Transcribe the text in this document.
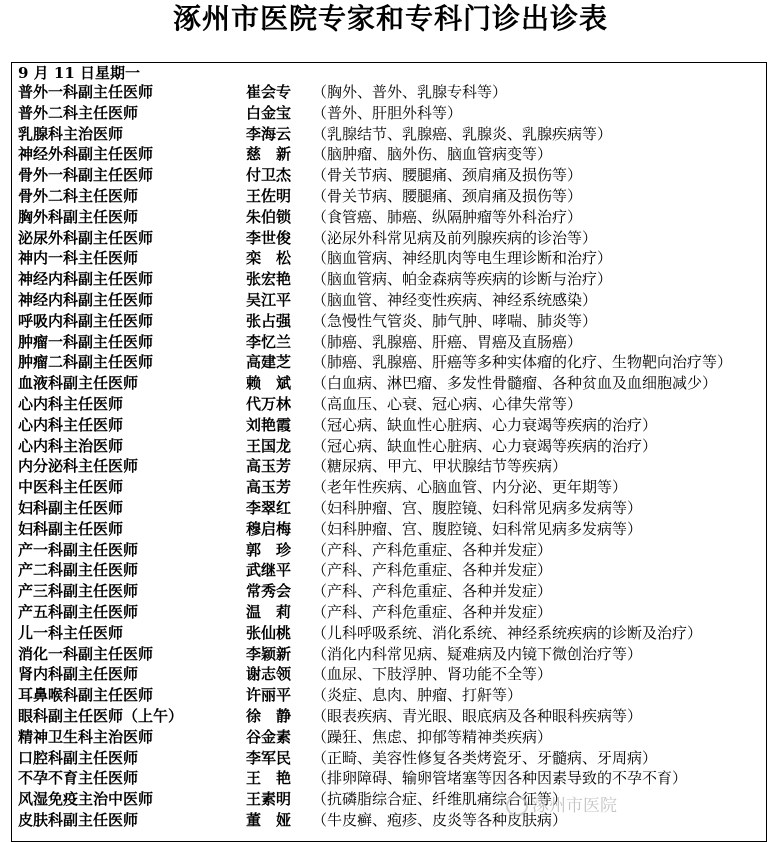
涿州市医院专家和专科门诊出诊表
9 月 11 日星期一
普外一科副主任医师	崔会专 （胸外、普外、乳腺专科等）
普外二科主任医师	白金宝 （普外、肝胆外科等）
乳腺科主治医师	李海云 （乳腺结节、乳腺癌、乳腺炎、乳腺疾病等）
神经外科副主任医师	慈　新 （脑肿瘤、脑外伤、脑血管病变等）
骨外一科副主任医师	付卫杰 （骨关节病、腰腿痛、颈肩痛及损伤等）
骨外二科主任医师	王佐明 （骨关节病、腰腿痛、颈肩痛及损伤等）
胸外科副主任医师	朱伯锁 （食管癌、肺癌、纵隔肿瘤等外科治疗）
泌尿外科副主任医师	李世俊 （泌尿外科常见病及前列腺疾病的诊治等）
神内一科主任医师	栾　松 （脑血管病、神经肌肉等电生理诊断和治疗）
神经内科副主任医师	张宏艳 （脑血管病、帕金森病等疾病的诊断与治疗）
神经内科副主任医师	吴江平 （脑血管、神经变性疾病、神经系统感染）
呼吸内科副主任医师	张占强 （急慢性气管炎、肺气肿、哮喘、肺炎等）
肿瘤一科副主任医师	李忆兰 （肺癌、乳腺癌、肝癌、胃癌及直肠癌）
肿瘤二科副主任医师	高建芝 （肺癌、乳腺癌、肝癌等多种实体瘤的化疗、生物靶向治疗等）
血液科副主任医师	赖　斌 （白血病、淋巴瘤、多发性骨髓瘤、各种贫血及血细胞减少）
心内科主任医师	代万林 （高血压、心衰、冠心病、心律失常等）
心内科主任医师	刘艳霞 （冠心病、缺血性心脏病、心力衰竭等疾病的治疗）
心内科主治医师	王国龙 （冠心病、缺血性心脏病、心力衰竭等疾病的治疗）
内分泌科主任医师	高玉芳 （糖尿病、甲亢、甲状腺结节等疾病）
中医科主任医师	高玉芳 （老年性疾病、心脑血管、内分泌、更年期等）
妇科副主任医师	李翠红 （妇科肿瘤、宫、腹腔镜、妇科常见病多发病等）
妇科副主任医师	穆启梅 （妇科肿瘤、宫、腹腔镜、妇科常见病多发病等）
产一科副主任医师	郭　珍 （产科、产科危重症、各种并发症）
产二科副主任医师	武继平 （产科、产科危重症、各种并发症）
产三科副主任医师	常秀会 （产科、产科危重症、各种并发症）
产五科副主任医师	温　莉 （产科、产科危重症、各种并发症）
儿一科主任医师	张仙桃 （儿科呼吸系统、消化系统、神经系统疾病的诊断及治疗）
消化一科副主任医师	李颖新 （消化内科常见病、疑难病及内镜下微创治疗等）
肾内科副主任医师	谢志领 （血尿、下肢浮肿、肾功能不全等）
耳鼻喉科副主任医师	许丽平 （炎症、息肉、肿瘤、打鼾等）
眼科副主任医师（上午）	徐　静 （眼表疾病、青光眼、眼底病及各种眼科疾病等）
精神卫生科主治医师	谷金素 （躁狂、焦虑、抑郁等精神类疾病）
口腔科副主任医师	李军民 （正畸、美容性修复各类烤瓷牙、牙髓病、牙周病）
不孕不育主任医师	王　艳 （排卵障碍、输卵管堵塞等因各种因素导致的不孕不育）
风湿免疫主治中医师	王素明 （抗磷脂综合症、纤维肌痛综合征等）
皮肤科副主任医师	董　娅 （牛皮癣、疱疹、皮炎等各种皮肤病）
涿州市医院
